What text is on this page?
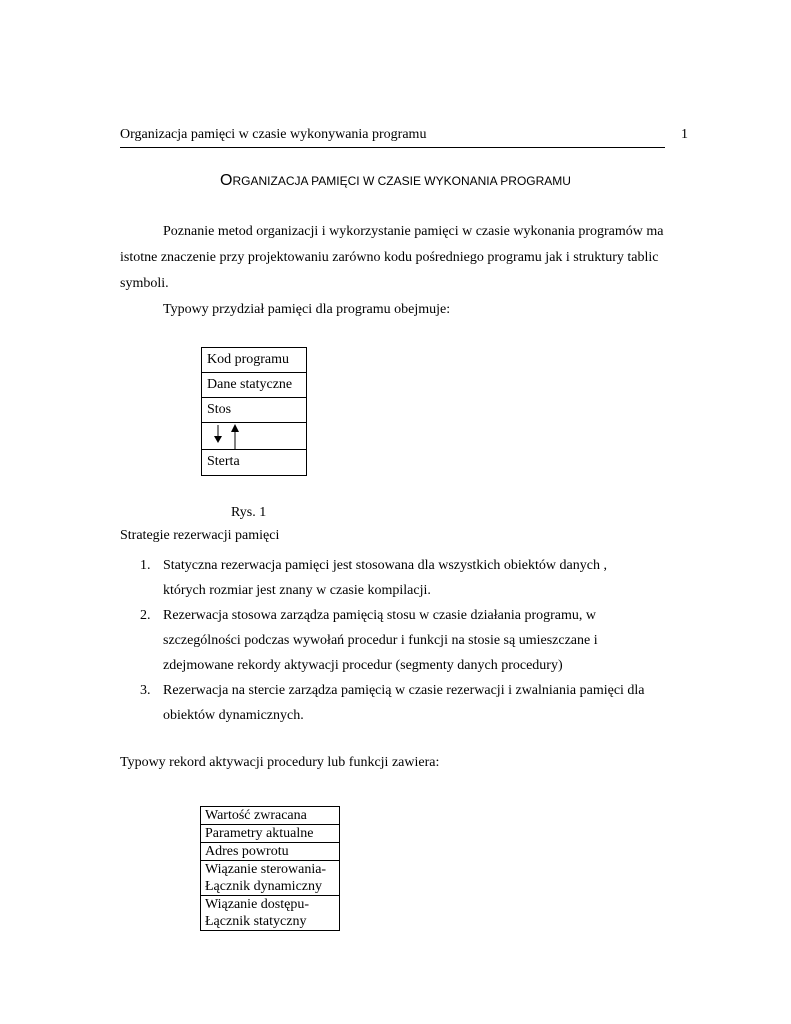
Organizacja pamięci w czasie wykonywania programu	1
ORGANIZACJA PAMIĘCI W CZASIE WYKONANIA PROGRAMU
Poznanie metod organizacji i wykorzystanie pamięci w czasie wykonania programów ma istotne znaczenie przy projektowaniu zarówno kodu pośredniego programu jak i struktury tablic symboli.
Typowy przydział pamięci dla programu obejmuje:
Kod programu
Dane statyczne
Stos
Sterta
Rys. 1
Strategie rezerwacji pamięci
1. Statyczna rezerwacja pamięci jest stosowana dla wszystkich obiektów danych ,
których rozmiar jest znany w czasie kompilacji.
2. Rezerwacja stosowa zarządza pamięcią stosu w czasie działania programu, w
szczególności podczas wywołań procedur i funkcji na stosie są umieszczane i
zdejmowane rekordy aktywacji procedur (segmenty danych procedury)
3. Rezerwacja na stercie zarządza pamięcią w czasie rezerwacji i zwalniania pamięci dla
obiektów dynamicznych.
Typowy rekord aktywacji procedury lub funkcji zawiera:
Wartość zwracana
Parametry aktualne
Adres powrotu
Wiązanie sterowania-
Łącznik dynamiczny
Wiązanie dostępu-
Łącznik statyczny
